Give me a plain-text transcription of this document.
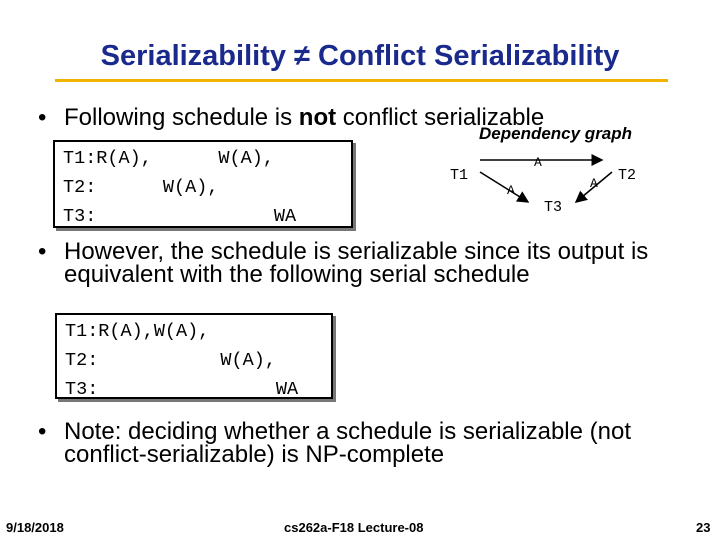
Serializability ≠ Conflict Serializability
• Following schedule is not conflict serializable
Dependency graph
T1:R(A),      W(A),
T2:      W(A),
T3:                WA
T1	T2
T3
A
A	A
• However, the schedule is serializable since its output is
equivalent with the following serial schedule
T1:R(A),W(A),
T2:           W(A),
T3:                WA
• Note: deciding whether a schedule is serializable (not
conflict-serializable) is NP-complete
9/18/2018	cs262a-F18 Lecture-08	23
